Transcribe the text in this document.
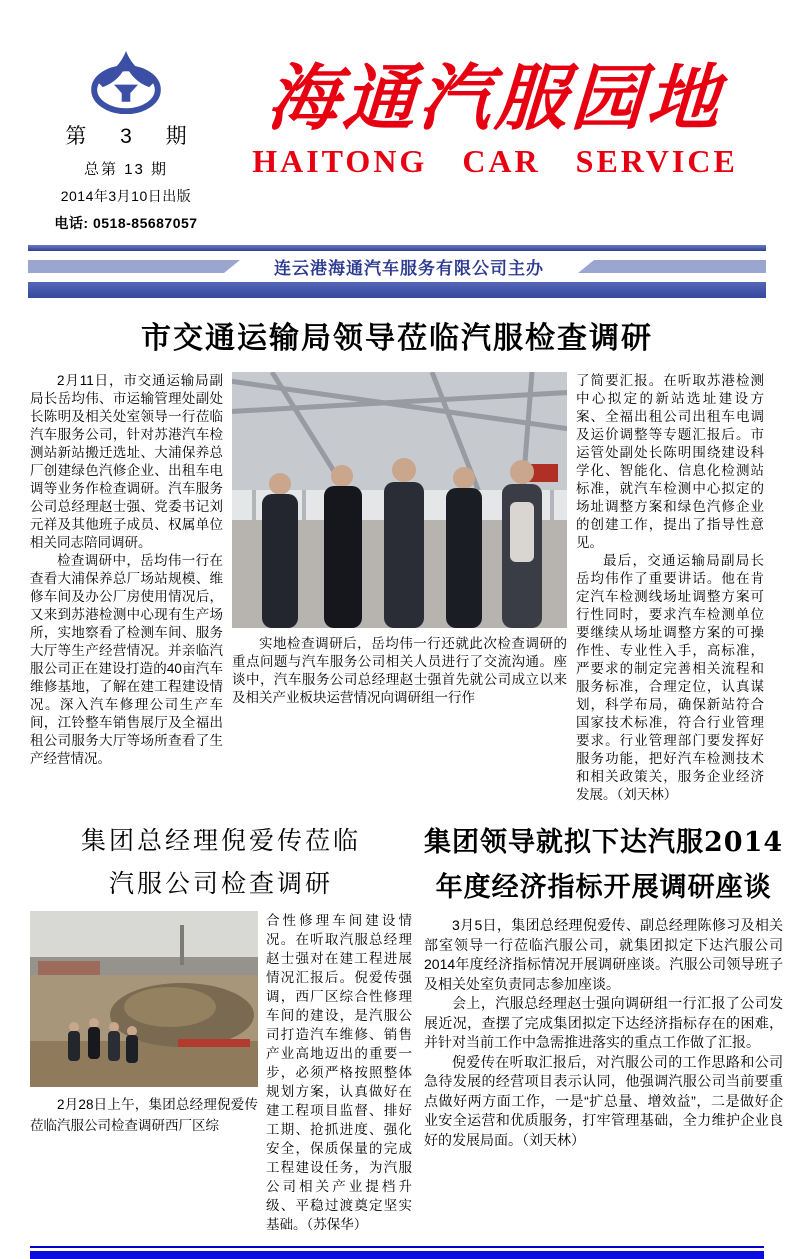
第 3 期
总第 13 期
2014年3月10日出版
电话: 0518-85687057
海通汽服园地
HAITONG CAR SERVICE
连云港海通汽车服务有限公司主办
市交通运输局领导莅临汽服检查调研

2月11日，市交通运输局副局长岳均伟、市运输管理处副处长陈明及相关处室领导一行莅临汽车服务公司，针对苏港汽车检测站新站搬迁选址、大浦保养总厂创建绿色汽修企业、出租车电调等业务作检查调研。汽车服务公司总经理赵士强、党委书记刘元祥及其他班子成员、权属单位相关同志陪同调研。

检查调研中，岳均伟一行在查看大浦保养总厂场站规模、维修车间及办公厂房使用情况后，又来到苏港检测中心现有生产场所，实地察看了检测车间、服务大厅等生产经营情况。并亲临汽服公司正在建设打造的40亩汽车维修基地，了解在建工程建设情况。深入汽车修理公司生产车间，江铃整车销售展厅及全福出租公司服务大厅等场所查看了生产经营情况。

实地检查调研后，岳均伟一行还就此次检查调研的重点问题与汽车服务公司相关人员进行了交流沟通。座谈中，汽车服务公司总经理赵士强首先就公司成立以来及相关产业板块运营情况向调研组一行作

了简要汇报。在听取苏港检测中心拟定的新站选址建设方案、全福出租公司出租车电调及运价调整等专题汇报后。市运管处副处长陈明围绕建设科学化、智能化、信息化检测站标准，就汽车检测中心拟定的场址调整方案和绿色汽修企业的创建工作，提出了指导性意见。

最后，交通运输局副局长岳均伟作了重要讲话。他在肯定汽车检测线场址调整方案可行性同时，要求汽车检测单位要继续从场址调整方案的可操作性、专业性入手，高标准，严要求的制定完善相关流程和服务标准，合理定位，认真谋划，科学布局，确保新站符合国家技术标准，符合行业管理要求。行业管理部门要发挥好服务功能，把好汽车检测技术和相关政策关，服务企业经济发展。（刘天林）

集团总经理倪爱传莅临
汽服公司检查调研

2月28日上午，集团总经理倪爱传莅临汽服公司检查调研西厂区综

合性修理车间建设情况。在听取汽服总经理赵士强对在建工程进展情况汇报后。倪爱传强调，西厂区综合性修理车间的建设，是汽服公司打造汽车维修、销售产业高地迈出的重要一步，必须严格按照整体规划方案，认真做好在建工程项目监督、排好工期、抢抓进度、强化安全，保质保量的完成工程建设任务，为汽服公司相关产业提档升级、平稳过渡奠定坚实基础。（苏保华）
集团领导就拟下达汽服2014
年度经济指标开展调研座谈

3月5日，集团总经理倪爱传、副总经理陈修习及相关部室领导一行莅临汽服公司，就集团拟定下达汽服公司2014年度经济指标情况开展调研座谈。汽服公司领导班子及相关处室负责同志参加座谈。

会上，汽服总经理赵士强向调研组一行汇报了公司发展近况，查摆了完成集团拟定下达经济指标存在的困难，并针对当前工作中急需推进落实的重点工作做了汇报。

倪爱传在听取汇报后，对汽服公司的工作思路和公司急待发展的经营项目表示认同，他强调汽服公司当前要重点做好两方面工作，一是“扩总量、增效益”，二是做好企业安全运营和优质服务，打牢管理基础，全力维护企业良好的发展局面。（刘天林）
